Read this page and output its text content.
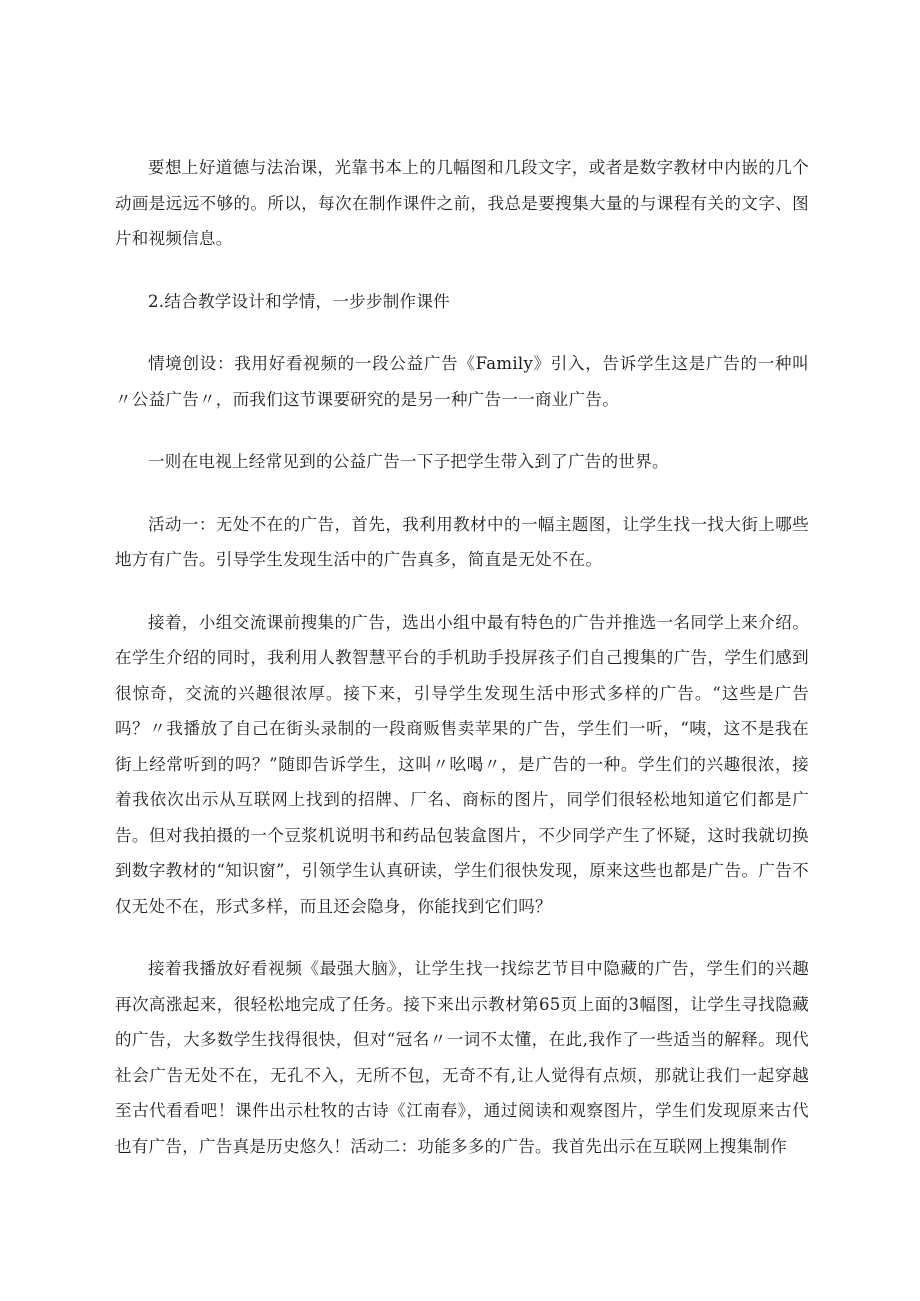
要想上好道德与法治课，光靠书本上的几幅图和几段文字，或者是数字教材中内嵌的几个动画是远远不够的。所以，每次在制作课件之前，我总是要搜集大量的与课程有关的文字、图片和视频信息。

2.结合教学设计和学情，一步步制作课件

情境创设：我用好看视频的一段公益广告《Family》引入，告诉学生这是广告的一种叫〃公益广告〃，而我们这节课要研究的是另一种广告一一商业广告。

一则在电视上经常见到的公益广告一下子把学生带入到了广告的世界。

活动一：无处不在的广告，首先，我利用教材中的一幅主题图，让学生找一找大街上哪些地方有广告。引导学生发现生活中的广告真多，简直是无处不在。

接着，小组交流课前搜集的广告，选出小组中最有特色的广告并推选一名同学上来介绍。在学生介绍的同时，我利用人教智慧平台的手机助手投屏孩子们自己搜集的广告，学生们感到很惊奇，交流的兴趣很浓厚。接下来，引导学生发现生活中形式多样的广告。“这些是广告吗？〃我播放了自己在街头录制的一段商贩售卖苹果的广告，学生们一听，“咦，这不是我在街上经常听到的吗？”随即告诉学生，这叫〃吆喝〃，是广告的一种。学生们的兴趣很浓，接着我依次出示从互联网上找到的招牌、厂名、商标的图片，同学们很轻松地知道它们都是广告。但对我拍摄的一个豆浆机说明书和药品包装盒图片，不少同学产生了怀疑，这时我就切换到数字教材的“知识窗”，引领学生认真研读，学生们很快发现，原来这些也都是广告。广告不仅无处不在，形式多样，而且还会隐身，你能找到它们吗？

接着我播放好看视频《最强大脑》，让学生找一找综艺节目中隐藏的广告，学生们的兴趣再次高涨起来，很轻松地完成了任务。接下来出示教材第65页上面的3幅图，让学生寻找隐藏的广告，大多数学生找得很快，但对“冠名〃一词不太懂，在此,我作了一些适当的解释。现代社会广告无处不在，无孔不入，无所不包，无奇不有,让人觉得有点烦，那就让我们一起穿越至古代看看吧！课件出示杜牧的古诗《江南春》，通过阅读和观察图片，学生们发现原来古代也有广告，广告真是历史悠久！活动二：功能多多的广告。我首先出示在互联网上搜集制作
